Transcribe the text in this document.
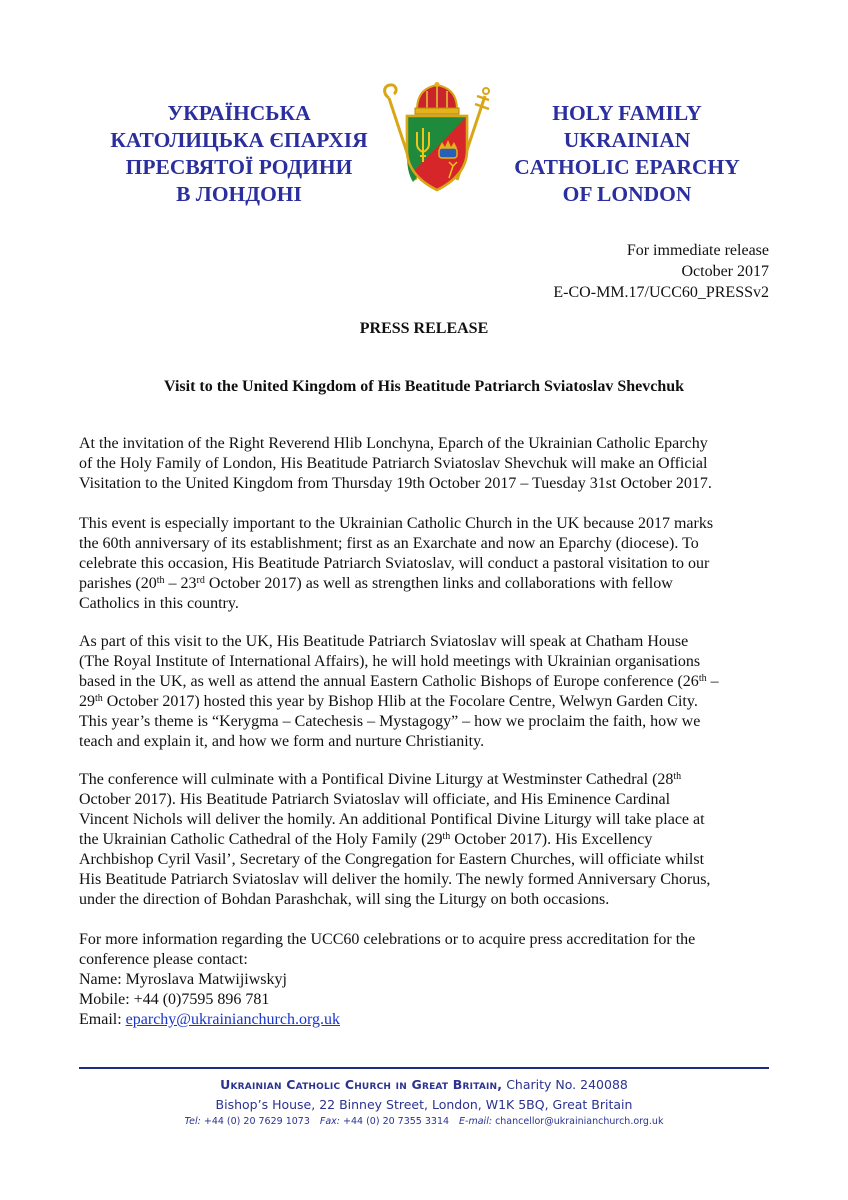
УКРАЇНСЬКА
КАТОЛИЦЬКА ЄПАРХІЯ
ПРЕСВЯТОЇ РОДИНИ
В ЛОНДОНІ
HOLY FAMILY
UKRAINIAN
CATHOLIC EPARCHY
OF LONDON
For immediate release
October 2017
E-CO-MM.17/UCC60_PRESSv2
PRESS RELEASE
Visit to the United Kingdom of His Beatitude Patriarch Sviatoslav Shevchuk

At the invitation of the Right Reverend Hlib Lonchyna, Eparch of the Ukrainian Catholic Eparchy
of the Holy Family of London, His Beatitude Patriarch Sviatoslav Shevchuk will make an Official
Visitation to the United Kingdom from Thursday 19th October 2017 – Tuesday 31st October 2017.

This event is especially important to the Ukrainian Catholic Church in the UK because 2017 marks
the 60th anniversary of its establishment; first as an Exarchate and now an Eparchy (diocese). To
celebrate this occasion, His Beatitude Patriarch Sviatoslav, will conduct a pastoral visitation to our
parishes (20th – 23rd October 2017) as well as strengthen links and collaborations with fellow
Catholics in this country.

As part of this visit to the UK, His Beatitude Patriarch Sviatoslav will speak at Chatham House
(The Royal Institute of International Affairs), he will hold meetings with Ukrainian organisations
based in the UK, as well as attend the annual Eastern Catholic Bishops of Europe conference (26th –
29th October 2017) hosted this year by Bishop Hlib at the Focolare Centre, Welwyn Garden City.
This year’s theme is “Kerygma – Catechesis – Mystagogy” – how we proclaim the faith, how we
teach and explain it, and how we form and nurture Christianity.

The conference will culminate with a Pontifical Divine Liturgy at Westminster Cathedral (28th
October 2017). His Beatitude Patriarch Sviatoslav will officiate, and His Eminence Cardinal
Vincent Nichols will deliver the homily. An additional Pontifical Divine Liturgy will take place at
the Ukrainian Catholic Cathedral of the Holy Family (29th October 2017). His Excellency
Archbishop Cyril Vasil’, Secretary of the Congregation for Eastern Churches, will officiate whilst
His Beatitude Patriarch Sviatoslav will deliver the homily. The newly formed Anniversary Chorus,
under the direction of Bohdan Parashchak, will sing the Liturgy on both occasions.

For more information regarding the UCC60 celebrations or to acquire press accreditation for the
conference please contact:
Name: Myroslava Matwijiwskyj
Mobile: +44 (0)7595 896 781
Email: eparchy@ukrainianchurch.org.uk

Ukrainian Catholic Church in Great Britain, Charity No. 240088
Bishop’s House, 22 Binney Street, London, W1K 5BQ, Great Britain
Tel: +44 (0) 20 7629 1073 Fax: +44 (0) 20 7355 3314 E-mail: chancellor@ukrainianchurch.org.uk
